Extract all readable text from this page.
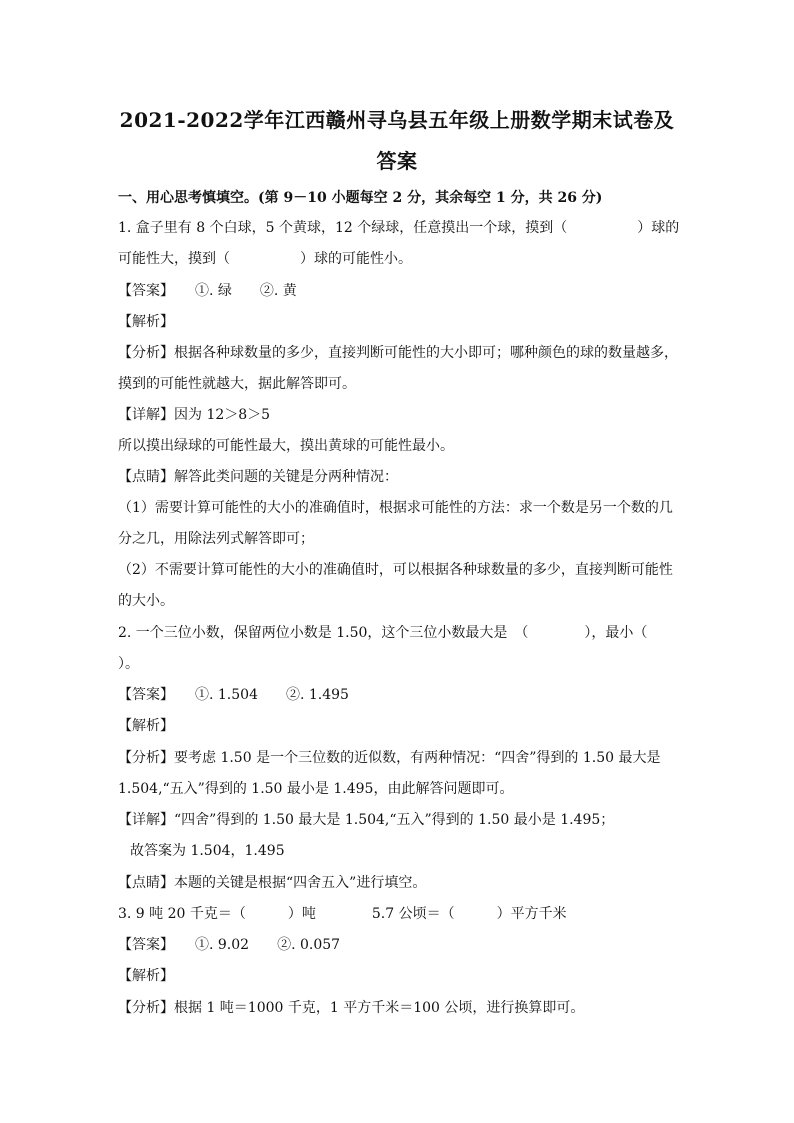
2021-2022学年江西赣州寻乌县五年级上册数学期末试卷及
答案
一、用心思考慎填空。(第 9－10 小题每空 2 分，其余每空 1 分，共 26 分)
1. 盒子里有 8 个白球，5 个黄球，12 个绿球，任意摸出一个球，摸到（　　　　　）球的
可能性大，摸到（　　　　　）球的可能性小。
【答案】　　①. 绿　　②. 黄
【解析】
【分析】根据各种球数量的多少，直接判断可能性的大小即可；哪种颜色的球的数量越多，
摸到的可能性就越大，据此解答即可。
【详解】因为 12＞8＞5
所以摸出绿球的可能性最大，摸出黄球的可能性最小。
【点睛】解答此类问题的关键是分两种情况：
（1）需要计算可能性的大小的准确值时，根据求可能性的方法：求一个数是另一个数的几
分之几，用除法列式解答即可；
（2）不需要计算可能性的大小的准确值时，可以根据各种球数量的多少，直接判断可能性
的大小。
2. 一个三位小数，保留两位小数是 1.50，这个三位小数最大是　（　　　　），最小（　
）。
【答案】　　①. 1.504　　②. 1.495
【解析】
【分析】要考虑 1.50 是一个三位数的近似数，有两种情况：“四舍”得到的 1.50 最大是
1.504,“五入”得到的 1.50 最小是 1.495，由此解答问题即可。
【详解】“四舍”得到的 1.50 最大是 1.504,“五入”得到的 1.50 最小是 1.495；
故答案为 1.504，1.495
【点睛】本题的关键是根据“四舍五入”进行填空。
3. 9 吨 20 千克＝（　　　）吨　　　　5.7 公顷＝（　　　）平方千米
【答案】　　①. 9.02　　②. 0.057
【解析】
【分析】根据 1 吨＝1000 千克，1 平方千米＝100 公顷，进行换算即可。
